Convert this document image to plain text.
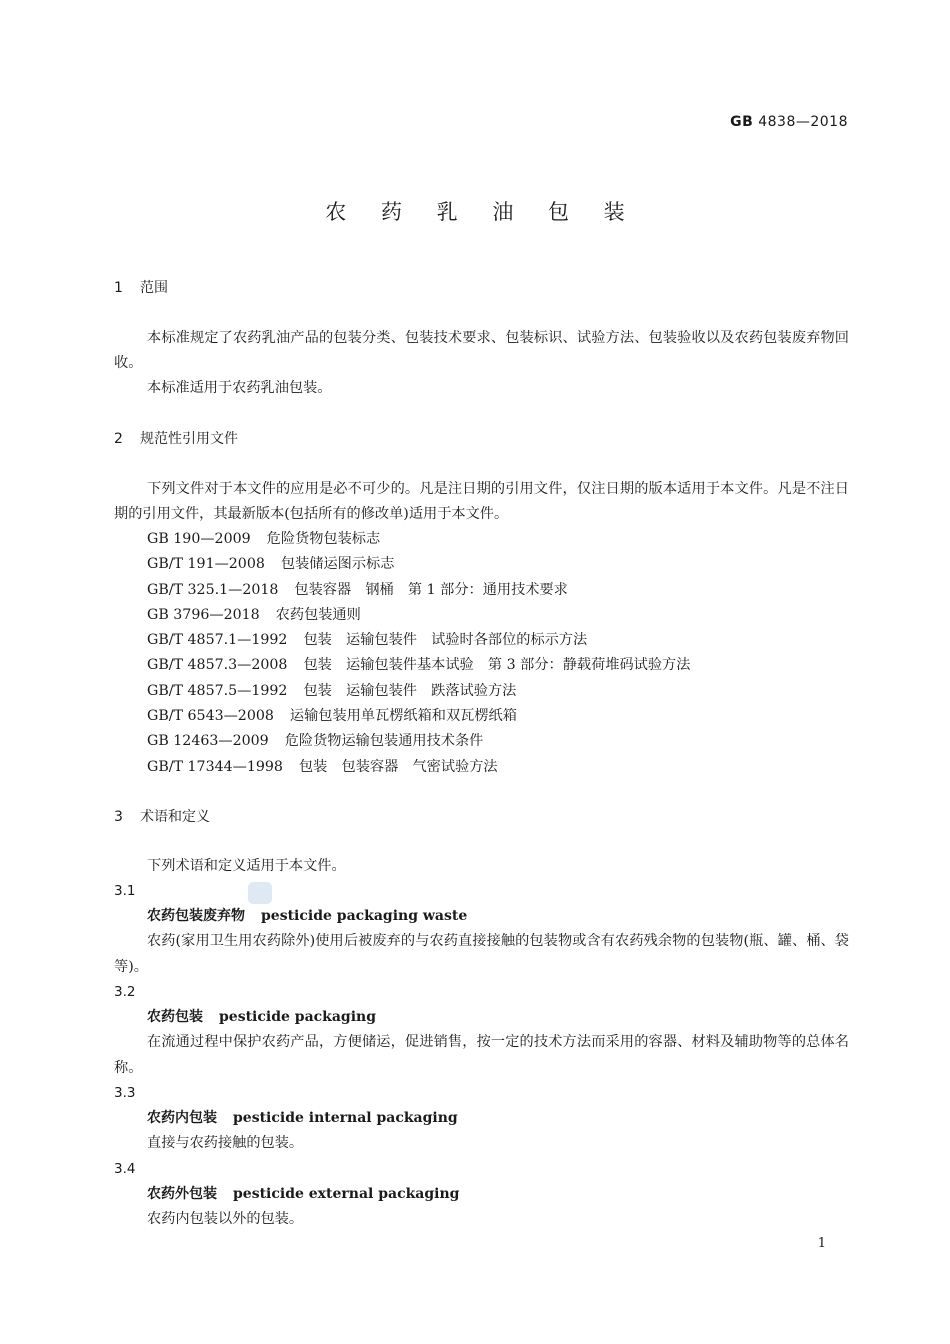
GB 4838—2018
农 药 乳 油 包 装
1 范围
本标准规定了农药乳油产品的包装分类、包装技术要求、包装标识、试验方法、包装验收以及农药包装废弃物回收。
本标准适用于农药乳油包装。
2 规范性引用文件
下列文件对于本文件的应用是必不可少的。凡是注日期的引用文件，仅注日期的版本适用于本文件。凡是不注日期的引用文件，其最新版本(包括所有的修改单)适用于本文件。
GB 190—2009 危险货物包装标志
GB/T 191—2008 包装储运图示标志
GB/T 325.1—2018 包装容器　钢桶　第 1 部分：通用技术要求
GB 3796—2018 农药包装通则
GB/T 4857.1—1992 包装　运输包装件　试验时各部位的标示方法
GB/T 4857.3—2008 包装　运输包装件基本试验　第 3 部分：静载荷堆码试验方法
GB/T 4857.5—1992 包装　运输包装件　跌落试验方法
GB/T 6543—2008 运输包装用单瓦楞纸箱和双瓦楞纸箱
GB 12463—2009 危险货物运输包装通用技术条件
GB/T 17344—1998 包装　包装容器　气密试验方法
3 术语和定义
下列术语和定义适用于本文件。
3.1
农药包装废弃物 pesticide packaging waste
农药(家用卫生用农药除外)使用后被废弃的与农药直接接触的包装物或含有农药残余物的包装物(瓶、罐、桶、袋等)。
3.2
农药包装 pesticide packaging
在流通过程中保护农药产品，方便储运，促进销售，按一定的技术方法而采用的容器、材料及辅助物等的总体名称。
3.3
农药内包装 pesticide internal packaging
直接与农药接触的包装。
3.4
农药外包装 pesticide external packaging
农药内包装以外的包装。
1
